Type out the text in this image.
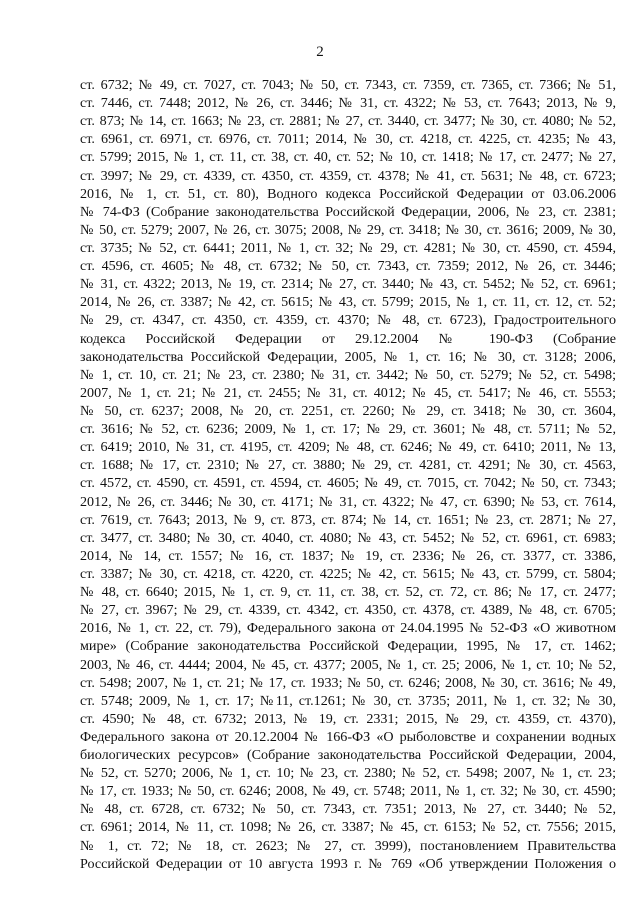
2
ст. 6732; № 49, ст. 7027, ст. 7043; № 50, ст. 7343, ст. 7359, ст. 7365, ст. 7366; № 51,
ст. 7446, ст. 7448; 2012, № 26, ст. 3446; № 31, ст. 4322; № 53, ст. 7643; 2013, № 9,
ст. 873; № 14, ст. 1663; № 23, ст. 2881; № 27, ст. 3440, ст. 3477; № 30, ст. 4080; № 52,
ст. 6961, ст. 6971, ст. 6976, ст. 7011; 2014, № 30, ст. 4218, ст. 4225, ст. 4235; № 43,
ст. 5799; 2015, № 1, ст. 11, ст. 38, ст. 40, ст. 52; № 10, ст. 1418; № 17, ст. 2477; № 27,
ст. 3997; № 29, ст. 4339, ст. 4350, ст. 4359, ст. 4378; № 41, ст. 5631; № 48, ст. 6723;
2016, № 1, ст. 51, ст. 80), Водного кодекса Российской Федерации от 03.06.2006
№ 74-ФЗ (Собрание законодательства Российской Федерации, 2006, № 23, ст. 2381;
№ 50, ст. 5279; 2007, № 26, ст. 3075; 2008, № 29, ст. 3418; № 30, ст. 3616; 2009, № 30,
ст. 3735; № 52, ст. 6441; 2011, № 1, ст. 32; № 29, ст. 4281; № 30, ст. 4590, ст. 4594,
ст. 4596, ст. 4605; № 48, ст. 6732; № 50, ст. 7343, ст. 7359; 2012, № 26, ст. 3446;
№ 31, ст. 4322; 2013, № 19, ст. 2314; № 27, ст. 3440; № 43, ст. 5452; № 52, ст. 6961;
2014, № 26, ст. 3387; № 42, ст. 5615; № 43, ст. 5799; 2015, № 1, ст. 11, ст. 12, ст. 52;
№ 29, ст. 4347, ст. 4350, ст. 4359, ст. 4370; № 48, ст. 6723), Градостроительного
кодекса Российской Федерации от 29.12.2004 № 190-ФЗ (Собрание
законодательства Российской Федерации, 2005, № 1, ст. 16; № 30, ст. 3128; 2006,
№ 1, ст. 10, ст. 21; № 23, ст. 2380; № 31, ст. 3442; № 50, ст. 5279; № 52, ст. 5498;
2007, № 1, ст. 21; № 21, ст. 2455; № 31, ст. 4012; № 45, ст. 5417; № 46, ст. 5553;
№ 50, ст. 6237; 2008, № 20, ст. 2251, ст. 2260; № 29, ст. 3418; № 30, ст. 3604,
ст. 3616; № 52, ст. 6236; 2009, № 1, ст. 17; № 29, ст. 3601; № 48, ст. 5711; № 52,
ст. 6419; 2010, № 31, ст. 4195, ст. 4209; № 48, ст. 6246; № 49, ст. 6410; 2011, № 13,
ст. 1688; № 17, ст. 2310; № 27, ст. 3880; № 29, ст. 4281, ст. 4291; № 30, ст. 4563,
ст. 4572, ст. 4590, ст. 4591, ст. 4594, ст. 4605; № 49, ст. 7015, ст. 7042; № 50, ст. 7343;
2012, № 26, ст. 3446; № 30, ст. 4171; № 31, ст. 4322; № 47, ст. 6390; № 53, ст. 7614,
ст. 7619, ст. 7643; 2013, № 9, ст. 873, ст. 874; № 14, ст. 1651; № 23, ст. 2871; № 27,
ст. 3477, ст. 3480; № 30, ст. 4040, ст. 4080; № 43, ст. 5452; № 52, ст. 6961, ст. 6983;
2014, № 14, ст. 1557; № 16, ст. 1837; № 19, ст. 2336; № 26, ст. 3377, ст. 3386,
ст. 3387; № 30, ст. 4218, ст. 4220, ст. 4225; № 42, ст. 5615; № 43, ст. 5799, ст. 5804;
№ 48, ст. 6640; 2015, № 1, ст. 9, ст. 11, ст. 38, ст. 52, ст. 72, ст. 86; № 17, ст. 2477;
№ 27, ст. 3967; № 29, ст. 4339, ст. 4342, ст. 4350, ст. 4378, ст. 4389, № 48, ст. 6705;
2016, № 1, ст. 22, ст. 79), Федерального закона от 24.04.1995 № 52-ФЗ «О животном
мире» (Собрание законодательства Российской Федерации, 1995, № 17, ст. 1462;
2003, № 46, ст. 4444; 2004, № 45, ст. 4377; 2005, № 1, ст. 25; 2006, № 1, ст. 10; № 52,
ст. 5498; 2007, № 1, ст. 21; № 17, ст. 1933; № 50, ст. 6246; 2008, № 30, ст. 3616; № 49,
ст. 5748; 2009, № 1, ст. 17; №11, ст.1261; № 30, ст. 3735; 2011, № 1, ст. 32; № 30,
ст. 4590; № 48, ст. 6732; 2013, № 19, ст. 2331; 2015, № 29, ст. 4359, ст. 4370),
Федерального закона от 20.12.2004 № 166-ФЗ «О рыболовстве и сохранении водных
биологических ресурсов» (Собрание законодательства Российской Федерации, 2004,
№ 52, ст. 5270; 2006, № 1, ст. 10; № 23, ст. 2380; № 52, ст. 5498; 2007, № 1, ст. 23;
№ 17, ст. 1933; № 50, ст. 6246; 2008, № 49, ст. 5748; 2011, № 1, ст. 32; № 30, ст. 4590;
№ 48, ст. 6728, ст. 6732; № 50, ст. 7343, ст. 7351; 2013, № 27, ст. 3440; № 52,
ст. 6961; 2014, № 11, ст. 1098; № 26, ст. 3387; № 45, ст. 6153; № 52, ст. 7556; 2015,
№ 1, ст. 72; № 18, ст. 2623; № 27, ст. 3999), постановлением Правительства
Российской Федерации от 10 августа 1993 г. № 769 «Об утверждении Положения о
